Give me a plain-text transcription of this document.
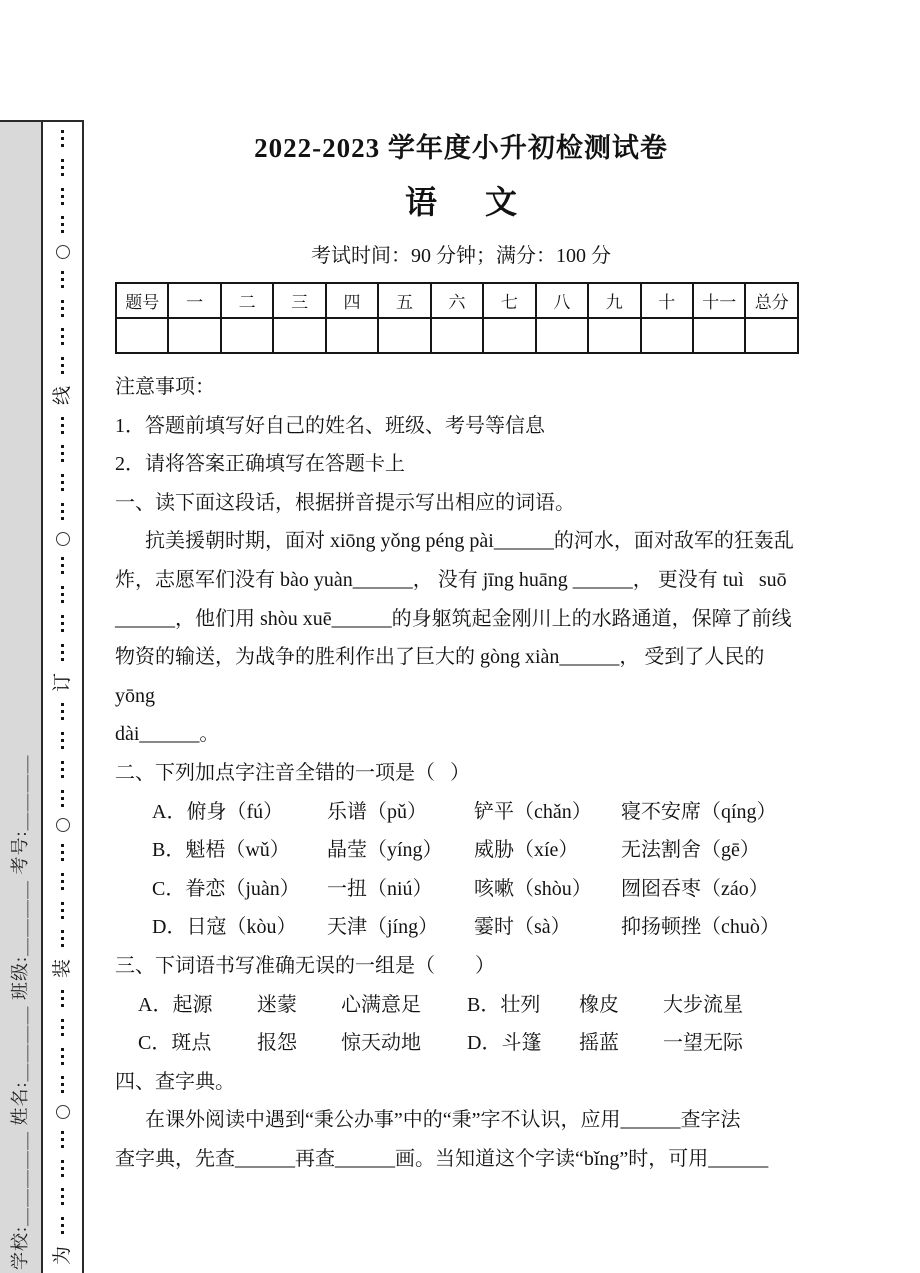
学校:＿＿＿＿＿ 姓名:＿＿＿＿ 班级:＿＿＿＿ 考号:＿＿＿＿
线
订
装
为
2022-2023 学年度小升初检测试卷
语      文
考试时间：90 分钟；满分：100 分
题号	一	二	三	四	五	六	七	八	九	十	十一	总分

注意事项：
1．答题前填写好自己的姓名、班级、考号等信息
2．请将答案正确填写在答题卡上
一、读下面这段话，根据拼音提示写出相应的词语。
抗美援朝时期，面对 xiōng yǒng péng pài______的河水，面对敌军的狂轰乱
炸，志愿军们没有 bào yuàn______， 没有 jīng huāng ______， 更没有 tuì   suō
______，他们用 shòu xuē______的身躯筑起金刚川上的水路通道，保障了前线
物资的输送，为战争的胜利作出了巨大的 gòng xiàn______， 受到了人民的 yōng
dài______。
二、下列加点字注音全错的一项是（   ）
A．俯身（fú）	乐谱（pǔ）	铲平（chǎn）	寝不安席（qíng）
B．魁梧（wǔ）	晶莹（yíng）	威胁（xíe）	无法割舍（gē）
C．眷恋（juàn）	一扭（niú）	咳嗽（shòu）	囫囵吞枣（záo）
D．日寇（kòu）	天津（jíng）	霎时（sà）	抑扬顿挫（chuò）
三、下词语书写准确无误的一组是（        ）
A．起源	迷蒙	心满意足	B．壮列	橡皮	大步流星
C．斑点	报怨	惊天动地	D．斗篷	摇蓝	一望无际
四、查字典。
在课外阅读中遇到“秉公办事”中的“秉”字不认识，应用______查字法
查字典，先查______再查______画。当知道这个字读“bǐng”时，可用______
